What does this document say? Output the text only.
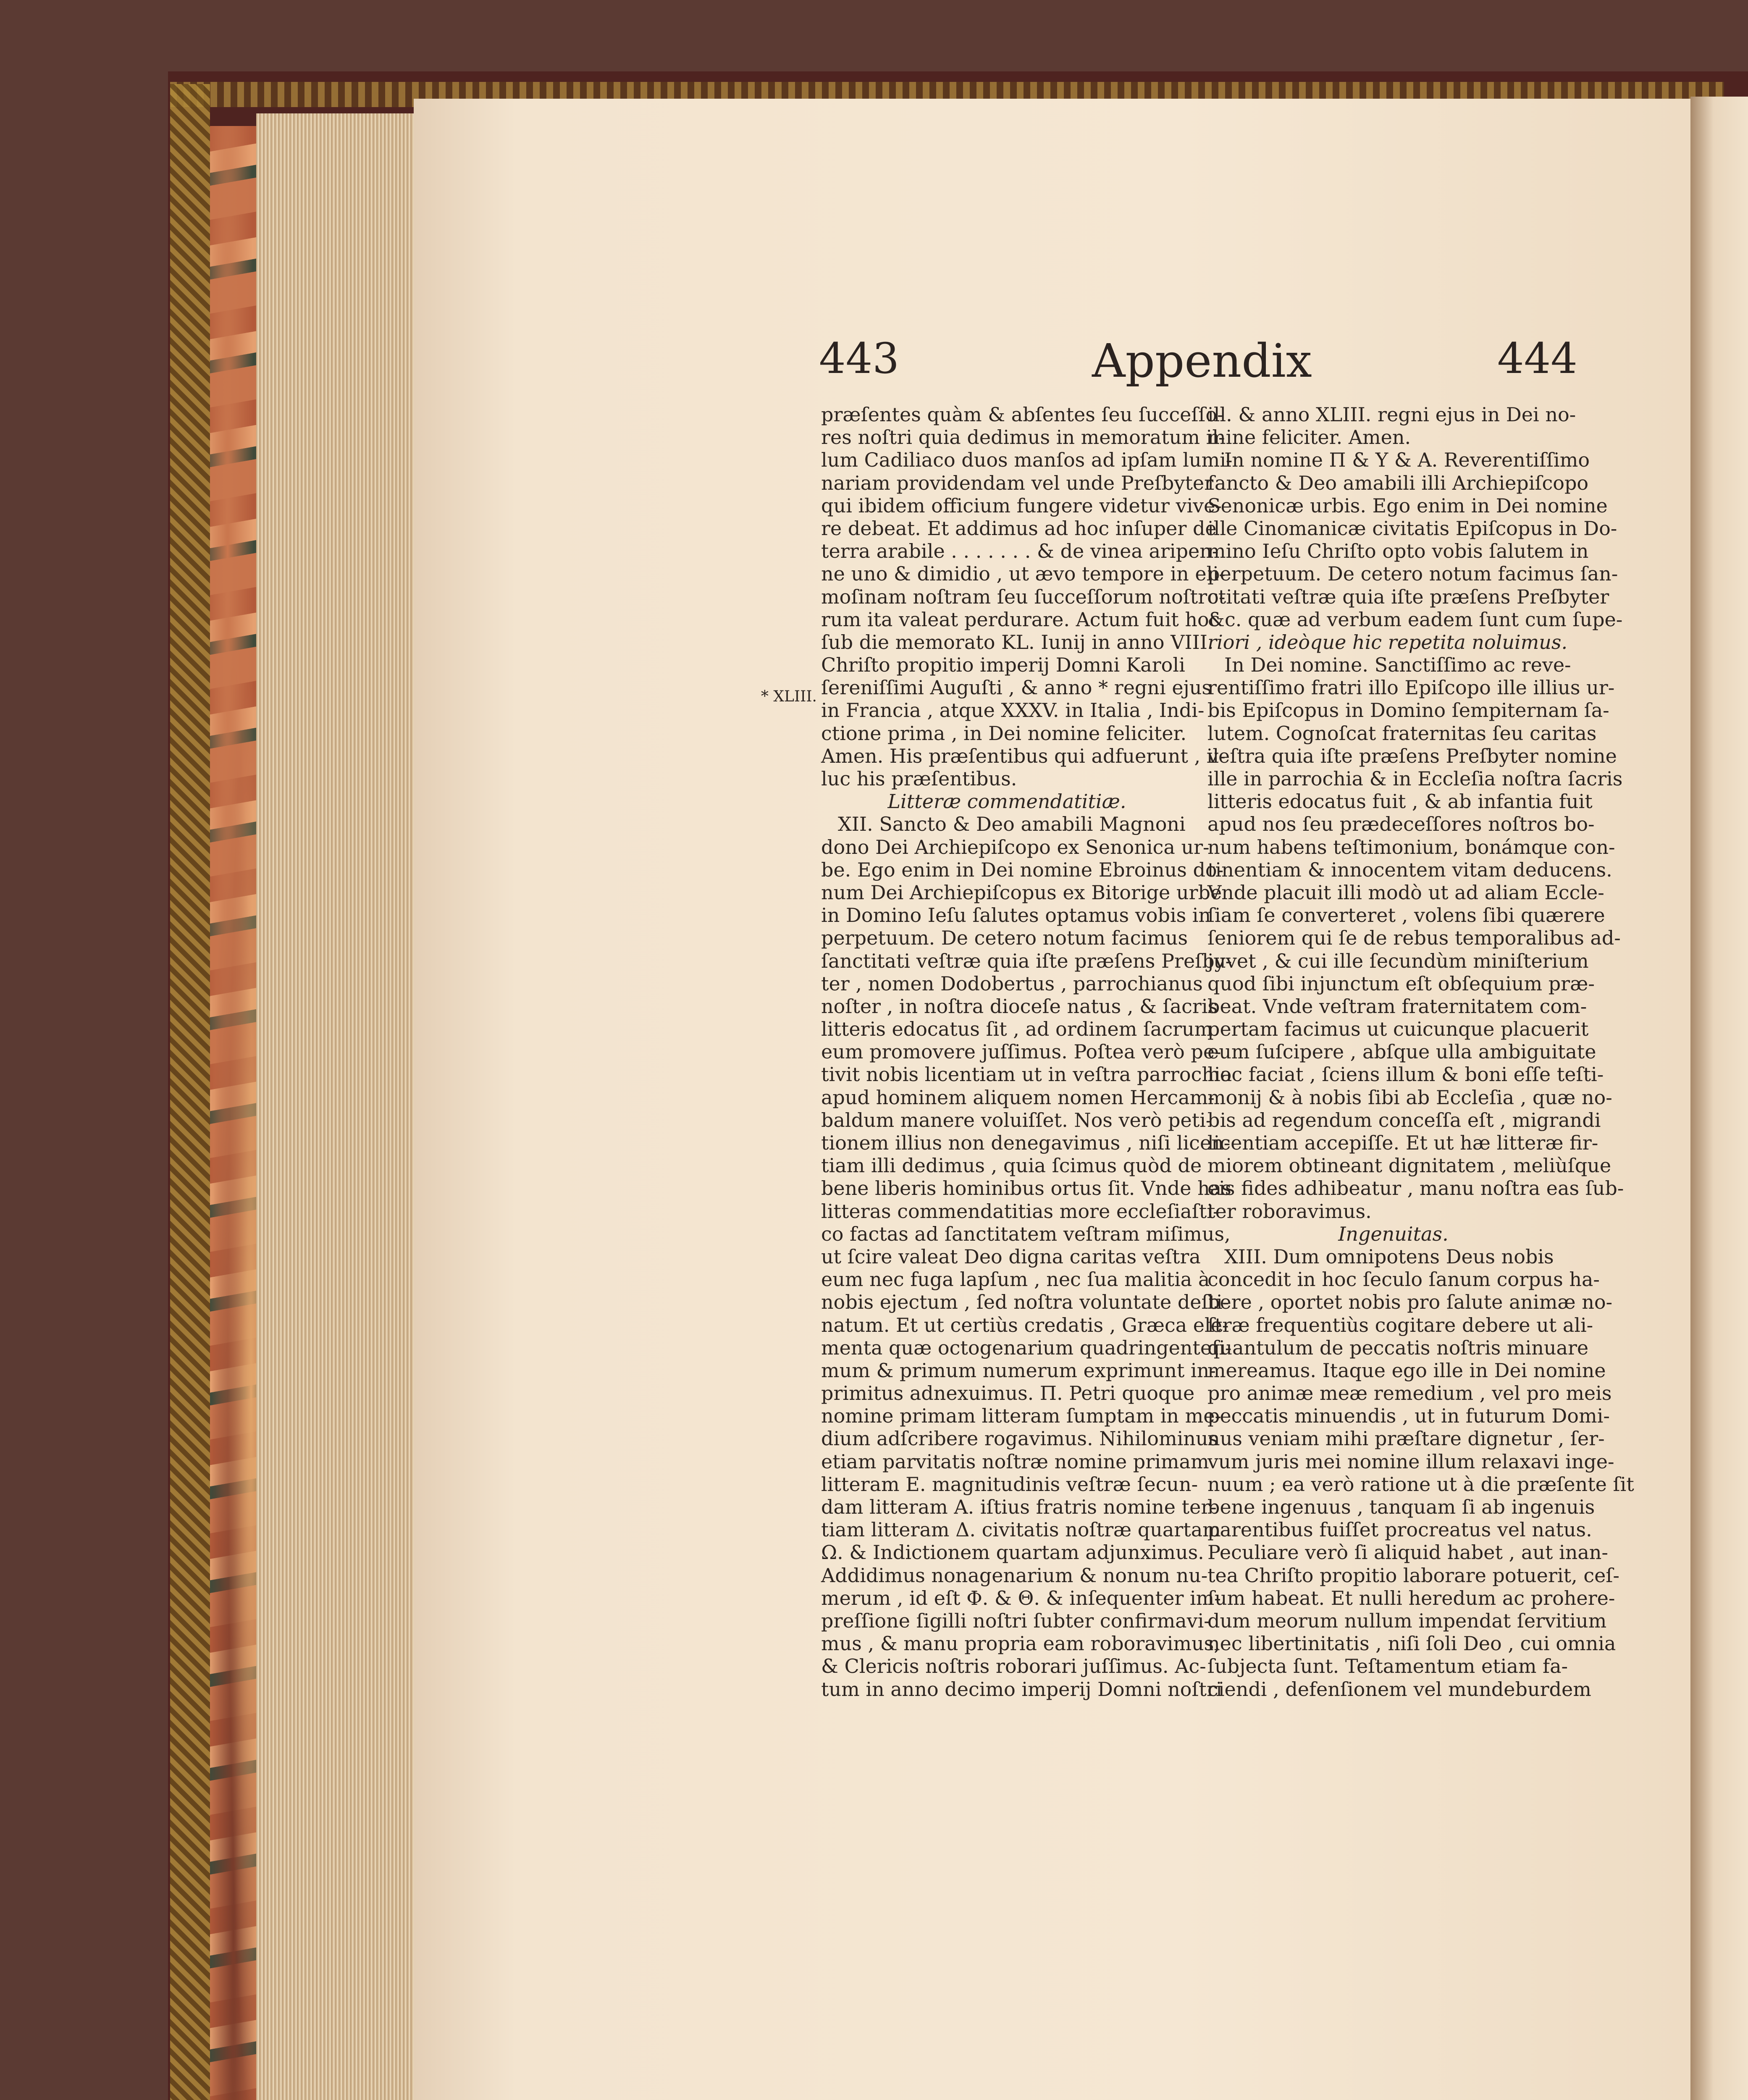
443	Appendix	444
* XLIII.
præſentes quàm & abſentes ſeu ſucceſſo-
res noſtri quia dedimus in memoratum il-
lum Cadiliaco duos manſos ad ipſam lumi-
nariam providendam vel unde Preſbyter
qui ibidem officium fungere videtur vive-
re debeat. Et addimus ad hoc inſuper de
terra arabile . . . . . . . & de vinea aripen-
ne uno & dimidio , ut ævo tempore in eli-
moſinam noſtram ſeu ſucceſſorum noſtro-
rum ita valeat perdurare. Actum fuit hoc
ſub die memorato KL. Iunij in anno VIII.
Chriſto propitio imperij Domni Karoli
ſereniſſimi Auguſti , & anno * regni ejus
in Francia , atque XXXV. in Italia , Indi-
ctione prima , in Dei nomine feliciter.
Amen. His præſentibus qui adfuerunt , il-
luc his præſentibus.
Litteræ commendatitiæ.
XII. Sancto & Deo amabili Magnoni
dono Dei Archiepiſcopo ex Senonica ur-
be. Ego enim in Dei nomine Ebroinus do-
num Dei Archiepiſcopus ex Bitorige urbe
in Domino Ieſu ſalutes optamus vobis in
perpetuum. De cetero notum facimus
ſanctitati veſtræ quia iſte præſens Preſby-
ter , nomen Dodobertus , parrochianus
noſter , in noſtra dioceſe natus , & ſacris
litteris edocatus ſit , ad ordinem ſacrum
eum promovere juſſimus. Poſtea verò pe-
tivit nobis licentiam ut in veſtra parrochia
apud hominem aliquem nomen Hercam-
baldum manere voluiſſet. Nos verò peti-
tionem illius non denegavimus , niſi licen-
tiam illi dedimus , quia ſcimus quòd de
bene liberis hominibus ortus ſit. Vnde has
litteras commendatitias more eccleſiaſti-
co factas ad ſanctitatem veſtram miſimus,
ut ſcire valeat Deo digna caritas veſtra
eum nec fuga lapſum , nec ſua malitia à
nobis ejectum , ſed noſtra voluntate deſti-
natum. Et ut certiùs credatis , Græca ele-
menta quæ octogenarium quadringenteſi-
mum & primum numerum exprimunt in-
primitus adnexuimus. Π. Petri quoque
nomine primam litteram ſumptam in me-
dium adſcribere rogavimus. Nihilominus
etiam parvitatis noſtræ nomine primam
litteram E. magnitudinis veſtræ ſecun-
dam litteram A. iſtius fratris nomine ter-
tiam litteram Δ. civitatis noſtræ quartam
Ω. & Indictionem quartam adjunximus.
Addidimus nonagenarium & nonum nu-
merum , id eſt Φ. & Θ. & inſequenter im-
preſſione ſigilli noſtri ſubter confirmavi-
mus , & manu propria eam roboravimus,
& Clericis noſtris roborari juſſimus. Ac-
tum in anno decimo imperij Domni noſtri
ill. & anno XLIII. regni ejus in Dei no-
mine feliciter. Amen.
In nomine Π & Υ & A. Reverentiſſimo
ſancto & Deo amabili illi Archiepiſcopo
Senonicæ urbis. Ego enim in Dei nomine
ille Cinomanicæ civitatis Epiſcopus in Do-
mino Ieſu Chriſto opto vobis ſalutem in
perpetuum. De cetero notum facimus ſan-
ctitati veſtræ quia iſte præſens Preſbyter
&c. quæ ad verbum eadem ſunt cum ſupe-
riori , ideòque hic repetita noluimus.
In Dei nomine. Sanctiſſimo ac reve-
rentiſſimo fratri illo Epiſcopo ille illius ur-
bis Epiſcopus in Domino ſempiternam ſa-
lutem. Cognoſcat fraternitas ſeu caritas
veſtra quia iſte præſens Preſbyter nomine
ille in parrochia & in Eccleſia noſtra ſacris
litteris edocatus fuit , & ab infantia fuit
apud nos ſeu prædeceſſores noſtros bo-
num habens teſtimonium, bonámque con-
tinentiam & innocentem vitam deducens.
Vnde placuit illi modò ut ad aliam Eccle-
ſiam ſe converteret , volens ſibi quærere
ſeniorem qui ſe de rebus temporalibus ad-
juvet , & cui ille ſecundùm miniſterium
quod ſibi injunctum eſt obſequium præ-
beat. Vnde veſtram fraternitatem com-
pertam facimus ut cuicunque placuerit
eum ſuſcipere , abſque ulla ambiguitate
hoc faciat , ſciens illum & boni eſſe teſti-
monij & à nobis ſibi ab Eccleſia , quæ no-
bis ad regendum conceſſa eſt , migrandi
licentiam accepiſſe. Et ut hæ litteræ fir-
miorem obtineant dignitatem , meliùſque
eis fides adhibeatur , manu noſtra eas ſub-
ter roboravimus.
Ingenuitas.
XIII. Dum omnipotens Deus nobis
concedit in hoc ſeculo ſanum corpus ha-
bere , oportet nobis pro ſalute animæ no-
ſtræ frequentiùs cogitare debere ut ali-
quantulum de peccatis noſtris minuare
mereamus. Itaque ego ille in Dei nomine
pro animæ meæ remedium , vel pro meis
peccatis minuendis , ut in futurum Domi-
nus veniam mihi præſtare dignetur , ſer-
vum juris mei nomine illum relaxavi inge-
nuum ; ea verò ratione ut à die præſente ſit
bene ingenuus , tanquam ſi ab ingenuis
parentibus fuiſſet procreatus vel natus.
Peculiare verò ſi aliquid habet , aut inan-
tea Chriſto propitio laborare potuerit, ceſ-
ſum habeat. Et nulli heredum ac prohere-
dum meorum nullum impendat ſervitium
nec libertinitatis , niſi ſoli Deo , cui omnia
ſubjecta ſunt. Teſtamentum etiam fa-
ciendi , defenſionem vel mundeburdem
